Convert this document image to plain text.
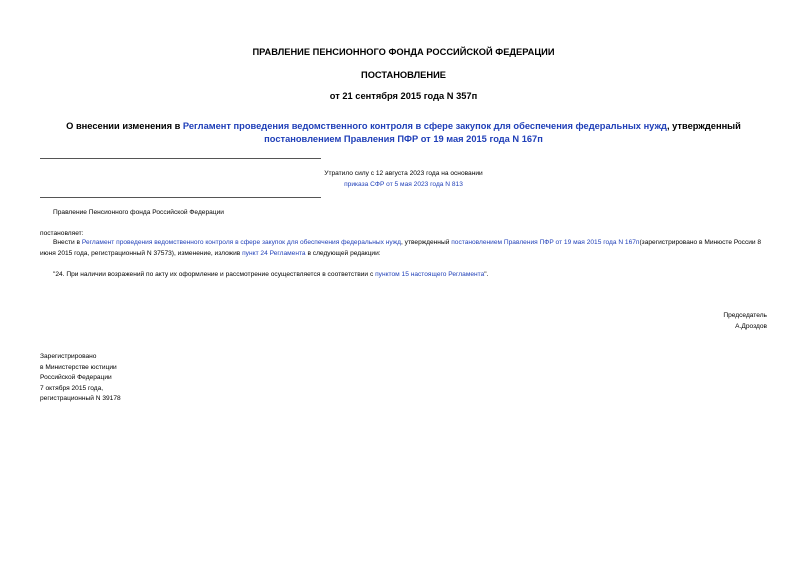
ПРАВЛЕНИЕ ПЕНСИОННОГО ФОНДА РОССИЙСКОЙ ФЕДЕРАЦИИ
ПОСТАНОВЛЕНИЕ
от 21 сентября 2015 года N 357п
О внесении изменения в Регламент проведения ведомственного контроля в сфере закупок для обеспечения федеральных нужд, утвержденный постановлением Правления ПФР от 19 мая 2015 года N 167п
Утратило силу с 12 августа 2023 года на основании
приказа СФР от 5 мая 2023 года N 813
Правление Пенсионного фонда Российской Федерации
постановляет:
Внести в Регламент проведения ведомственного контроля в сфере закупок для обеспечения федеральных нужд, утвержденный постановлением Правления ПФР от 19 мая 2015 года N 167п(зарегистрировано в Минюсте России 8 июня 2015 года, регистрационный N 37573), изменение, изложив пункт 24 Регламента в следующей редакции:
"24. При наличии возражений по акту их оформление и рассмотрение осуществляется в соответствии с пунктом 15 настоящего Регламента".
Председатель
А.Дроздов
Зарегистрировано
в Министерстве юстиции
Российской Федерации
7 октября 2015 года,
регистрационный N 39178
